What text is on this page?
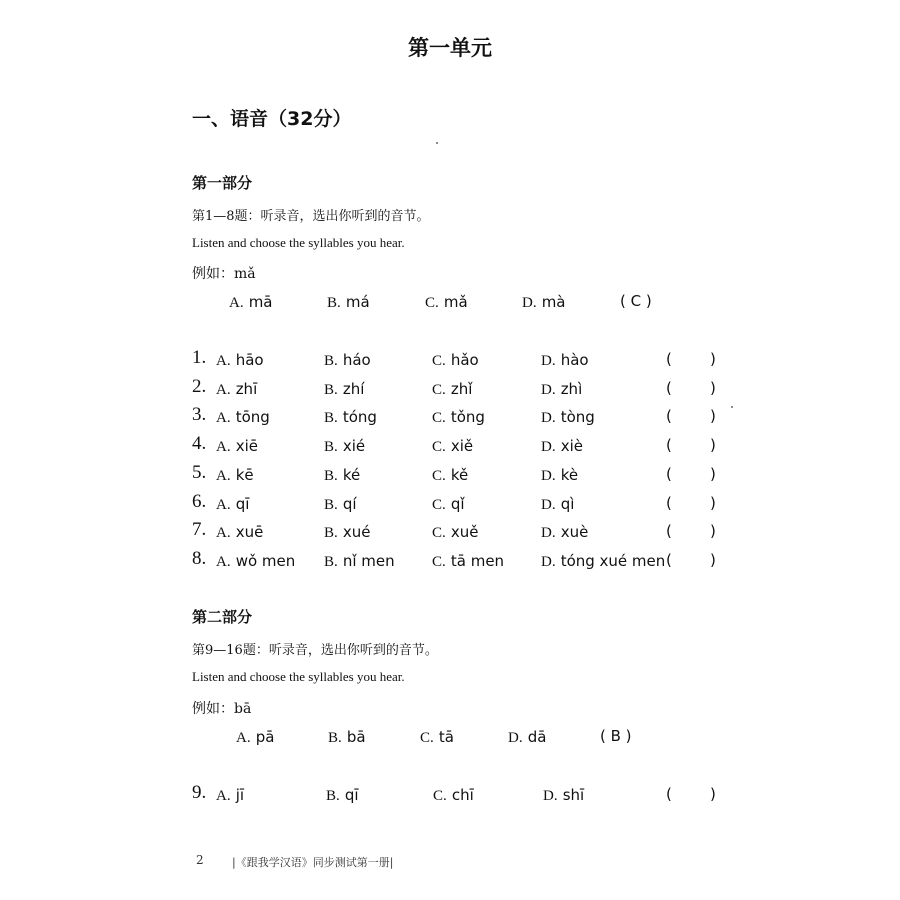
第一单元
一、语音（32分）
第一部分
第1—8题：听录音，选出你听到的音节。
Listen and choose the syllables you hear.
例如：mǎ
A. mā	B. má	C. mǎ	D. mà	( C )
1. A. hāo	B. háo	C. hǎo	D. hào	(        )
2. A. zhī	B. zhí	C. zhǐ	D. zhì	(        )
3. A. tōng	B. tóng	C. tǒng	D. tòng	(        )
4. A. xiē	B. xié	C. xiě	D. xiè	(        )
5. A. kē	B. ké	C. kě	D. kè	(        )
6. A. qī	B. qí	C. qǐ	D. qì	(        )
7. A. xuē	B. xué	C. xuě	D. xuè	(        )
8. A. wǒ men B. nǐ men C. tā men D. tóng xué men (        )
第二部分
第9—16题：听录音，选出你听到的音节。
Listen and choose the syllables you hear.
例如：bā
A. pā	B. bā	C. tā	D. dā	( B )
9. A. jī	B. qī	C. chī	D. shī	(        )
2	|《跟我学汉语》同步测试第一册|
